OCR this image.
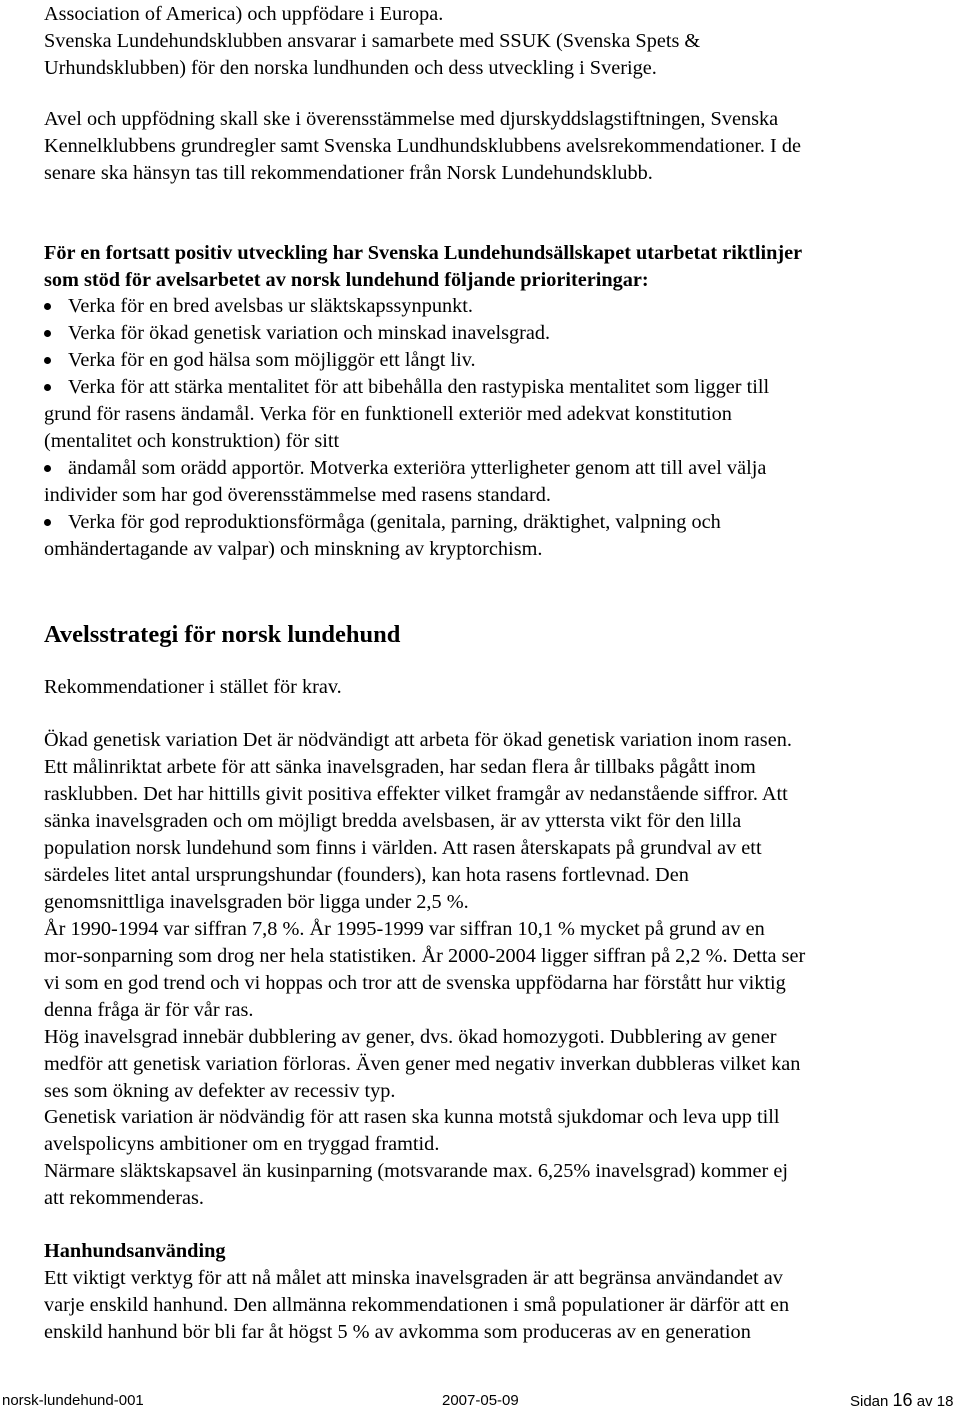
Association of America) och uppfödare i Europa.
Svenska Lundehundsklubben ansvarar i samarbete med SSUK (Svenska Spets &
Urhundsklubben) för den norska lundhunden och dess utveckling i Sverige.
Avel och uppfödning skall ske i överensstämmelse med djurskyddslagstiftningen, Svenska
Kennelklubbens grundregler samt Svenska Lundhundsklubbens avelsrekommendationer. I de
senare ska hänsyn tas till rekommendationer från Norsk Lundehundsklubb.
För en fortsatt positiv utveckling har Svenska Lundehundsällskapet utarbetat riktlinjer
som stöd för avelsarbetet av norsk lundehund följande prioriteringar:
Verka för en bred avelsbas ur släktskapssynpunkt.
Verka för ökad genetisk variation och minskad inavelsgrad.
Verka för en god hälsa som möjliggör ett långt liv.
Verka för att stärka mentalitet för att bibehålla den rastypiska mentalitet som ligger till
grund för rasens ändamål. Verka för en funktionell exteriör med adekvat konstitution
(mentalitet och konstruktion) för sitt
ändamål som orädd apportör. Motverka exteriöra ytterligheter genom att till avel välja
individer som har god överensstämmelse med rasens standard.
Verka för god reproduktionsförmåga (genitala, parning, dräktighet, valpning och
omhändertagande av valpar) och minskning av kryptorchism.
Avelsstrategi för norsk lundehund
Rekommendationer i stället för krav.
Ökad genetisk variation Det är nödvändigt att arbeta för ökad genetisk variation inom rasen.
Ett målinriktat arbete för att sänka inavelsgraden, har sedan flera år tillbaks pågått inom
rasklubben. Det har hittills givit positiva effekter vilket framgår av nedanstående siffror. Att
sänka inavelsgraden och om möjligt bredda avelsbasen, är av yttersta vikt för den lilla
population norsk lundehund som finns i världen. Att rasen återskapats på grundval av ett
särdeles litet antal ursprungshundar (founders), kan hota rasens fortlevnad. Den
genomsnittliga inavelsgraden bör ligga under 2,5 %.
År 1990-1994 var siffran 7,8 %. År 1995-1999 var siffran 10,1 % mycket på grund av en
mor-sonparning som drog ner hela statistiken. År 2000-2004 ligger siffran på 2,2 %. Detta ser
vi som en god trend och vi hoppas och tror att de svenska uppfödarna har förstått hur viktig
denna fråga är för vår ras.
Hög inavelsgrad innebär dubblering av gener, dvs. ökad homozygoti. Dubblering av gener
medför att genetisk variation förloras. Även gener med negativ inverkan dubbleras vilket kan
ses som ökning av defekter av recessiv typ.
Genetisk variation är nödvändig för att rasen ska kunna motstå sjukdomar och leva upp till
avelspolicyns ambitioner om en tryggad framtid.
Närmare släktskapsavel än kusinparning (motsvarande max. 6,25% inavelsgrad) kommer ej
att rekommenderas.
Hanhundsanvänding
Ett viktigt verktyg för att nå målet att minska inavelsgraden är att begränsa användandet av
varje enskild hanhund. Den allmänna rekommendationen i små populationer är därför att en
enskild hanhund bör bli far åt högst 5 % av avkomma som produceras av en generation
norsk-lundehund-001	2007-05-09	Sidan 16 av 18
